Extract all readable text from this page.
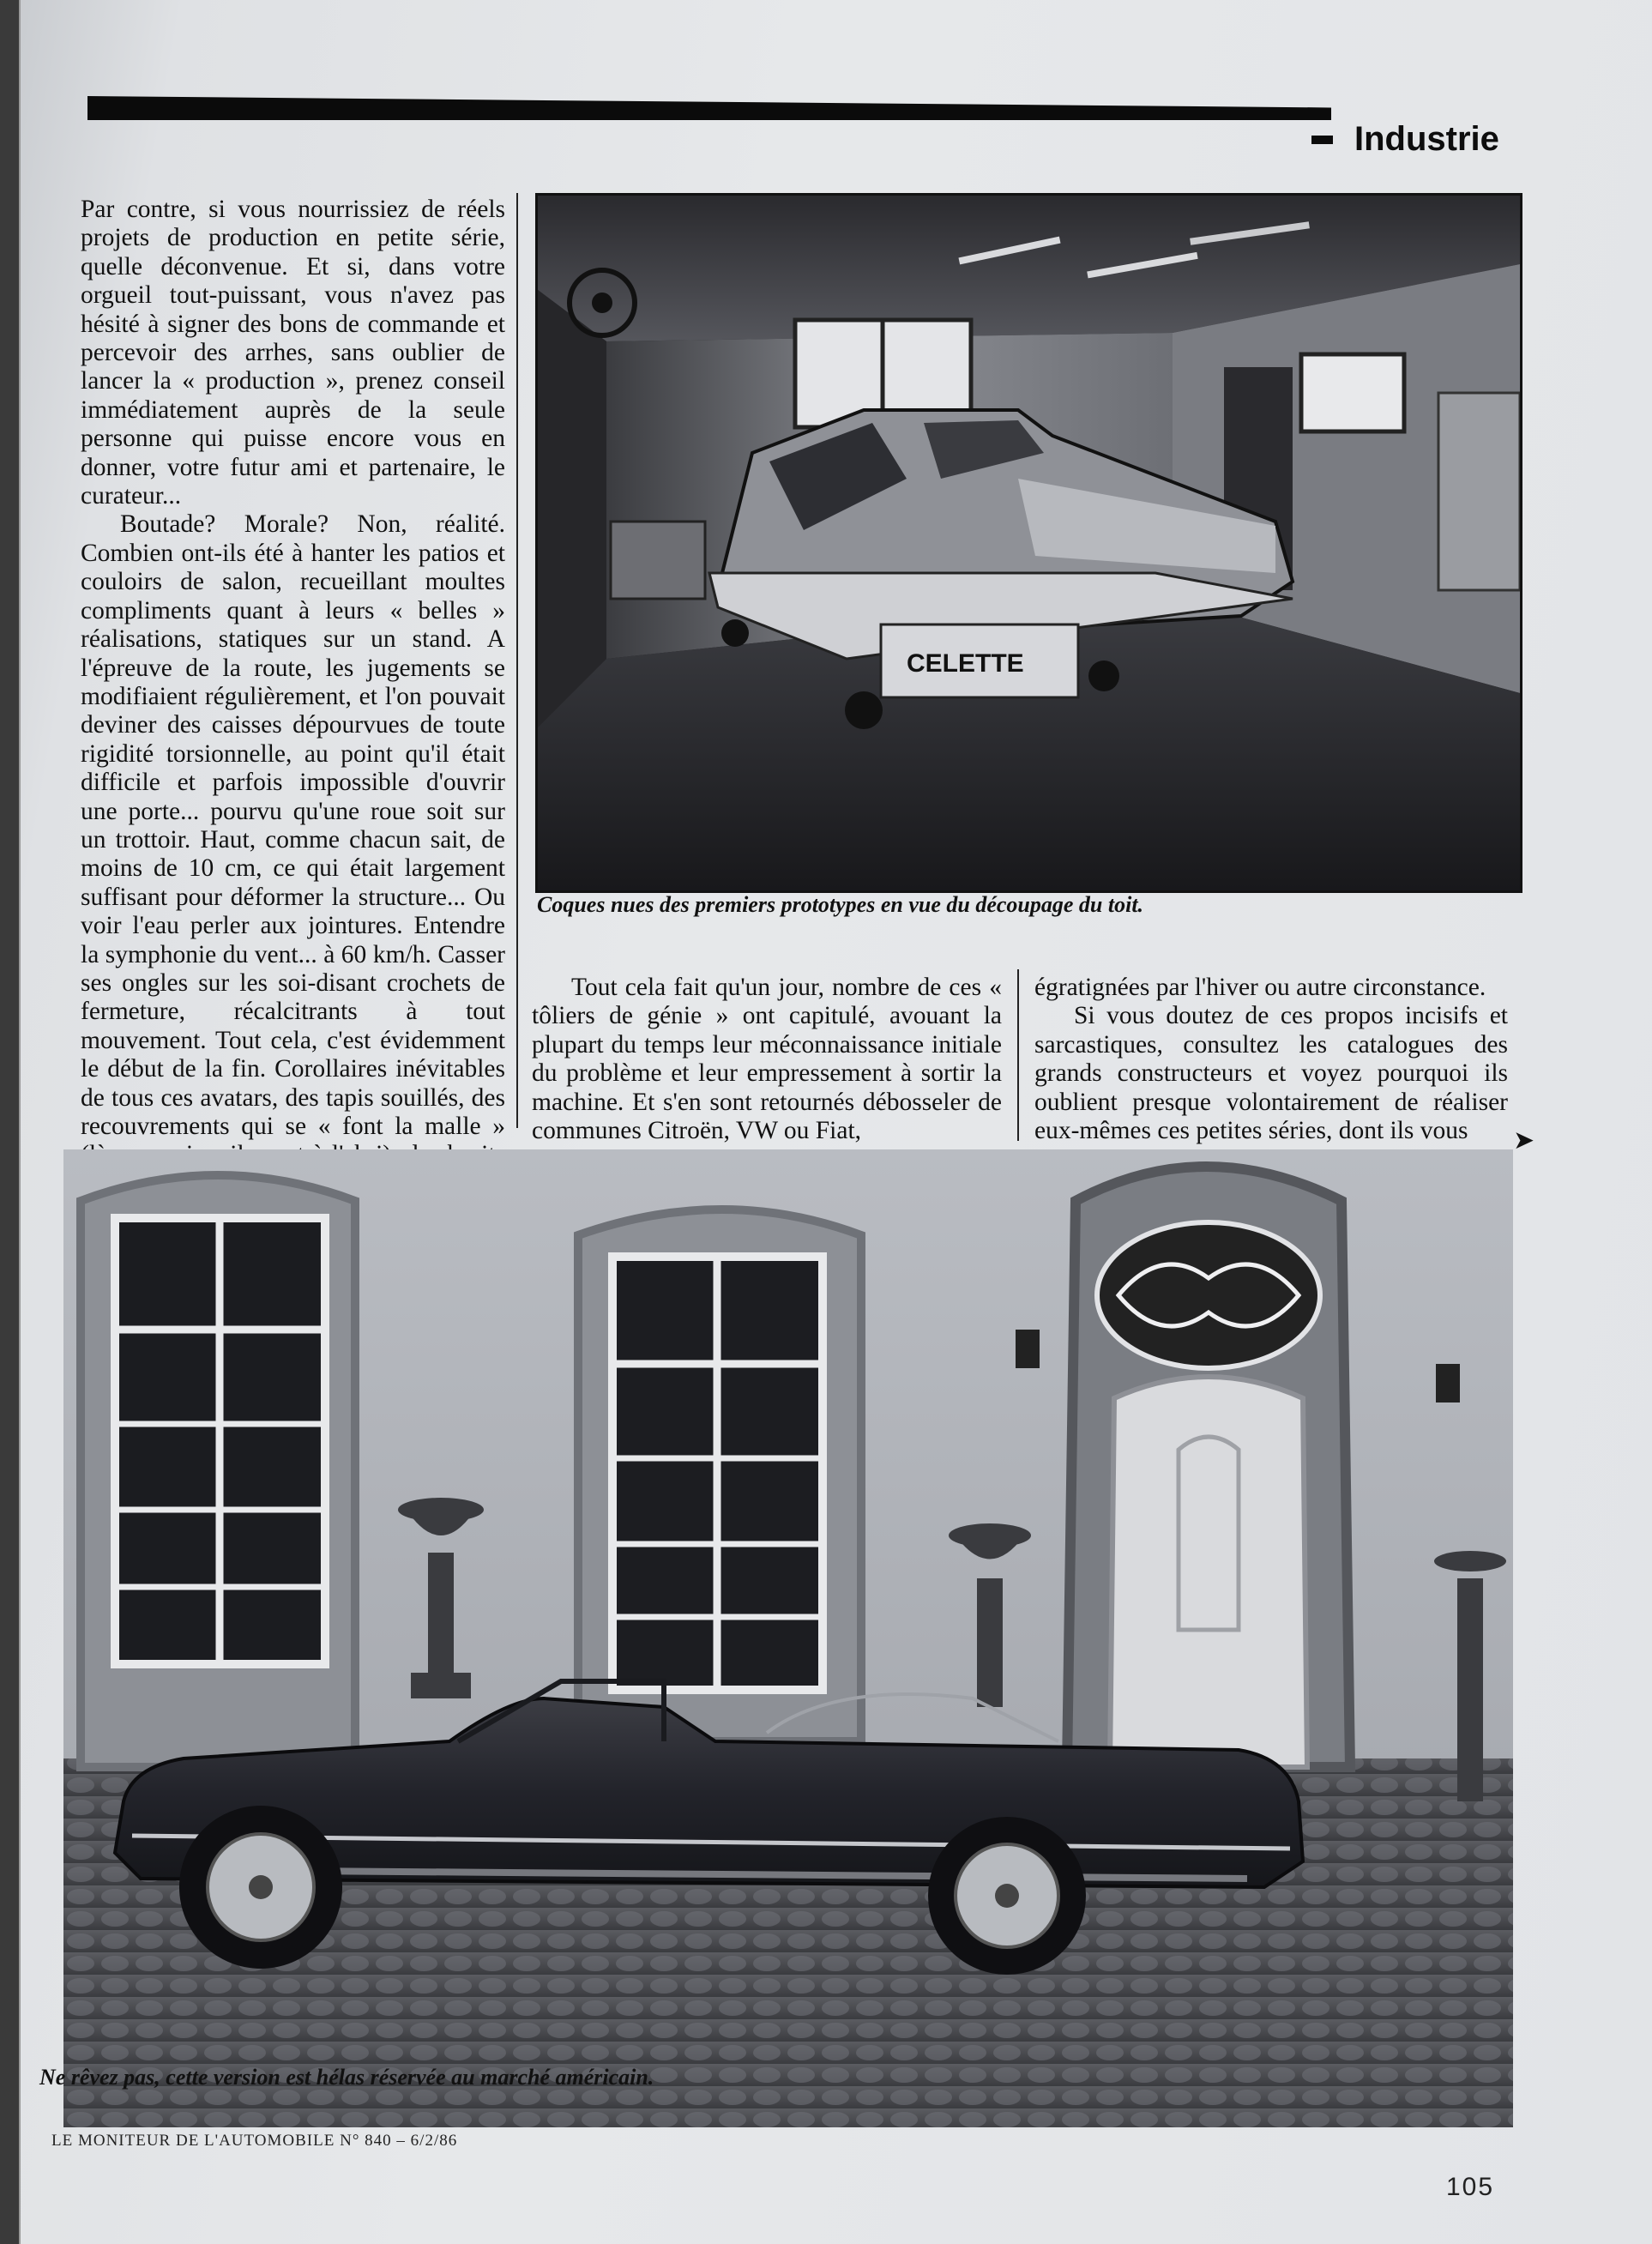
Industrie

Par contre, si vous nourrissiez de réels projets de production en petite série, quelle déconvenue. Et si, dans votre orgueil tout-puissant, vous n'avez pas hésité à signer des bons de commande et percevoir des arrhes, sans oublier de lancer la « production », prenez conseil immédiatement auprès de la seule personne qui puisse encore vous en donner, votre futur ami et partenaire, le curateur...

Boutade? Morale? Non, réalité. Combien ont-ils été à hanter les patios et couloirs de salon, recueillant moultes compliments quant à leurs « belles » réalisations, statiques sur un stand. A l'épreuve de la route, les jugements se modifiaient régulièrement, et l'on pouvait deviner des caisses dépourvues de toute rigidité torsionnelle, au point qu'il était difficile et parfois impossible d'ouvrir une porte... pourvu qu'une roue soit sur un trottoir. Haut, comme chacun sait, de moins de 10 cm, ce qui était largement suffisant pour déformer la structure... Ou voir l'eau perler aux jointures. Entendre la symphonie du vent... à 60 km/h. Casser ses ongles sur les soi-disant crochets de fermeture, récalcitrants à tout mouvement. Tout cela, c'est évidemment le début de la fin. Corollaires inévitables de tous ces avatars, des tapis souillés, des recouvrements qui se « font la malle »

CELETTE
Coques nues des premiers prototypes en vue du découpage du toit.

Tout cela fait qu'un jour, nombre de ces « tôliers de génie » ont capitulé, avouant la plupart du temps leur méconnaissance initiale du problème et leur empressement à sortir la machine. Et s'en sont retournés débosseler de communes Citroën, VW ou Fiat,

égratignées par l'hiver ou autre circonstance.

Si vous doutez de ces propos incisifs et sarcastiques, consultez les catalogues des grands constructeurs et voyez pourquoi ils oublient presque volontairement de réaliser eux-mêmes ces petites séries, dont ils vous	➤
Ne rêvez pas, cette version est hélas réservée au marché américain.
LE MONITEUR DE L'AUTOMOBILE N° 840 – 6/2/86
105
